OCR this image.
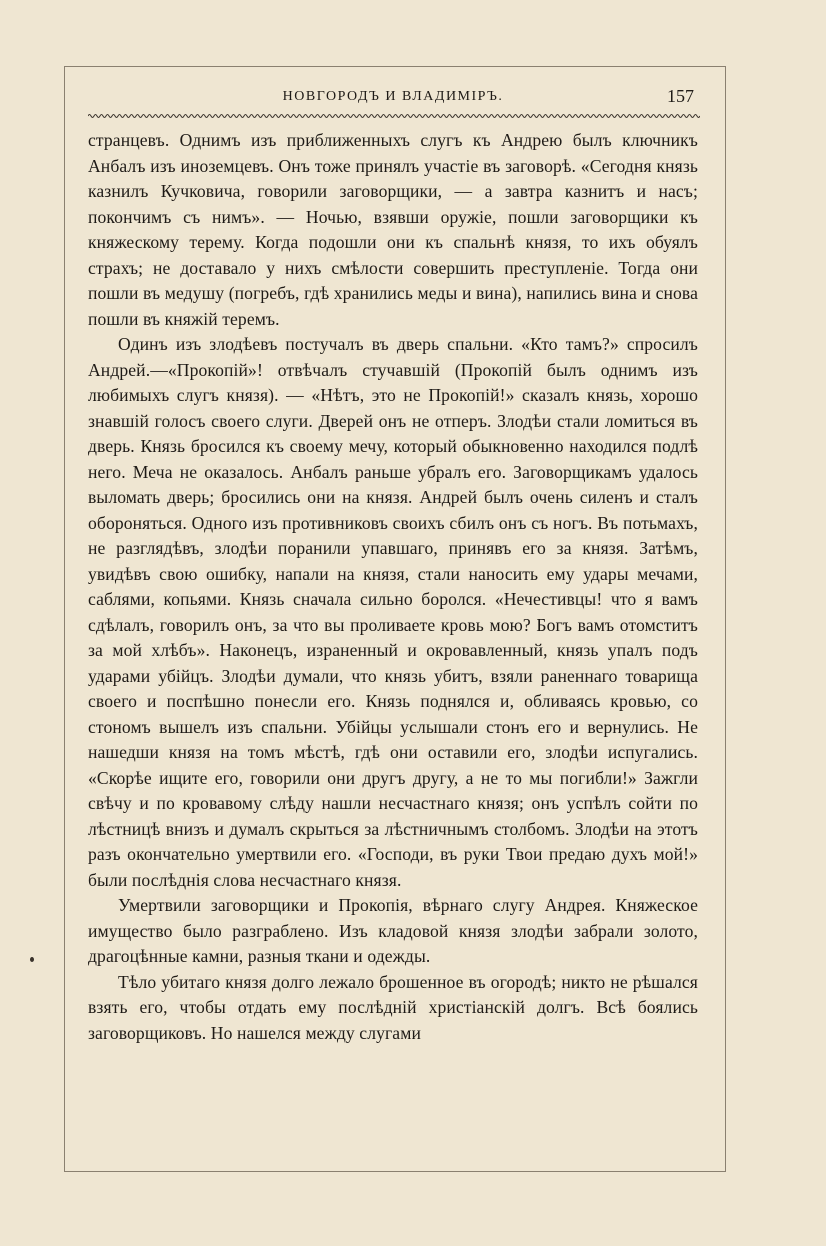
НОВГОРОДЪ И ВЛАДИМІРЪ.	157

странцевъ. Однимъ изъ приближенныхъ слугъ къ Андрею былъ ключникъ Анбалъ изъ иноземцевъ. Онъ тоже принялъ участіе въ заговорѣ. «Сегодня князь казнилъ Кучковича, говорили заговорщики, — а завтра казнитъ и насъ; покончимъ съ нимъ». — Ночью, взявши оружіе, пошли заговорщики къ княжескому терему. Когда подошли они къ спальнѣ князя, то ихъ обуялъ страхъ; не доставало у нихъ смѣлости совершить преступленіе. Тогда они пошли въ медушу (погребъ, гдѣ хранились меды и вина), напились вина и снова пошли въ княжій теремъ.

Одинъ изъ злодѣевъ постучалъ въ дверь спальни. «Кто тамъ?» спросилъ Андрей.—«Прокопій»! отвѣчалъ стучавшій (Прокопій былъ однимъ изъ любимыхъ слугъ князя). — «Нѣтъ, это не Прокопій!» сказалъ князь, хорошо знавшій голосъ своего слуги. Дверей онъ не отперъ. Злодѣи стали ломиться въ дверь. Князь бросился къ своему мечу, который обыкновенно находился подлѣ него. Меча не оказалось. Анбалъ раньше убралъ его. Заговорщикамъ удалось выломать дверь; бросились они на князя. Андрей былъ очень силенъ и сталъ обороняться. Одного изъ противниковъ своихъ сбилъ онъ съ ногъ. Въ потьмахъ, не разглядѣвъ, злодѣи поранили упавшаго, принявъ его за князя. Затѣмъ, увидѣвъ свою ошибку, напали на князя, стали наносить ему удары мечами, саблями, копьями. Князь сначала сильно боролся. «Нечестивцы! что я вамъ сдѣлалъ, говорилъ онъ, за что вы проливаете кровь мою? Богъ вамъ отомститъ за мой хлѣбъ». Наконецъ, израненный и окровавленный, князь упалъ подъ ударами убійцъ. Злодѣи думали, что князь убитъ, взяли раненнаго товарища своего и поспѣшно понесли его. Князь поднялся и, обливаясь кровью, со стономъ вышелъ изъ спальни. Убійцы услышали стонъ его и вернулись. Не нашедши князя на томъ мѣстѣ, гдѣ они оставили его, злодѣи испугались. «Скорѣе ищите его, говорили они другъ другу, а не то мы погибли!» Зажгли свѣчу и по кровавому слѣду нашли несчастнаго князя; онъ успѣлъ сойти по лѣстницѣ внизъ и думалъ скрыться за лѣстничнымъ столбомъ. Злодѣи на этотъ разъ окончательно умертвили его. «Господи, въ руки Твои предаю духъ мой!» были послѣднія слова несчастнаго князя.

Умертвили заговорщики и Прокопія, вѣрнаго слугу Андрея. Княжеское имущество было разграблено. Изъ кладовой князя злодѣи забрали золото, драгоцѣнные камни, разныя ткани и одежды.

Тѣло убитаго князя долго лежало брошенное въ огородѣ; никто не рѣшался взять его, чтобы отдать ему послѣдній христіанскій долгъ. Всѣ боялись заговорщиковъ. Но нашелся между слугами
